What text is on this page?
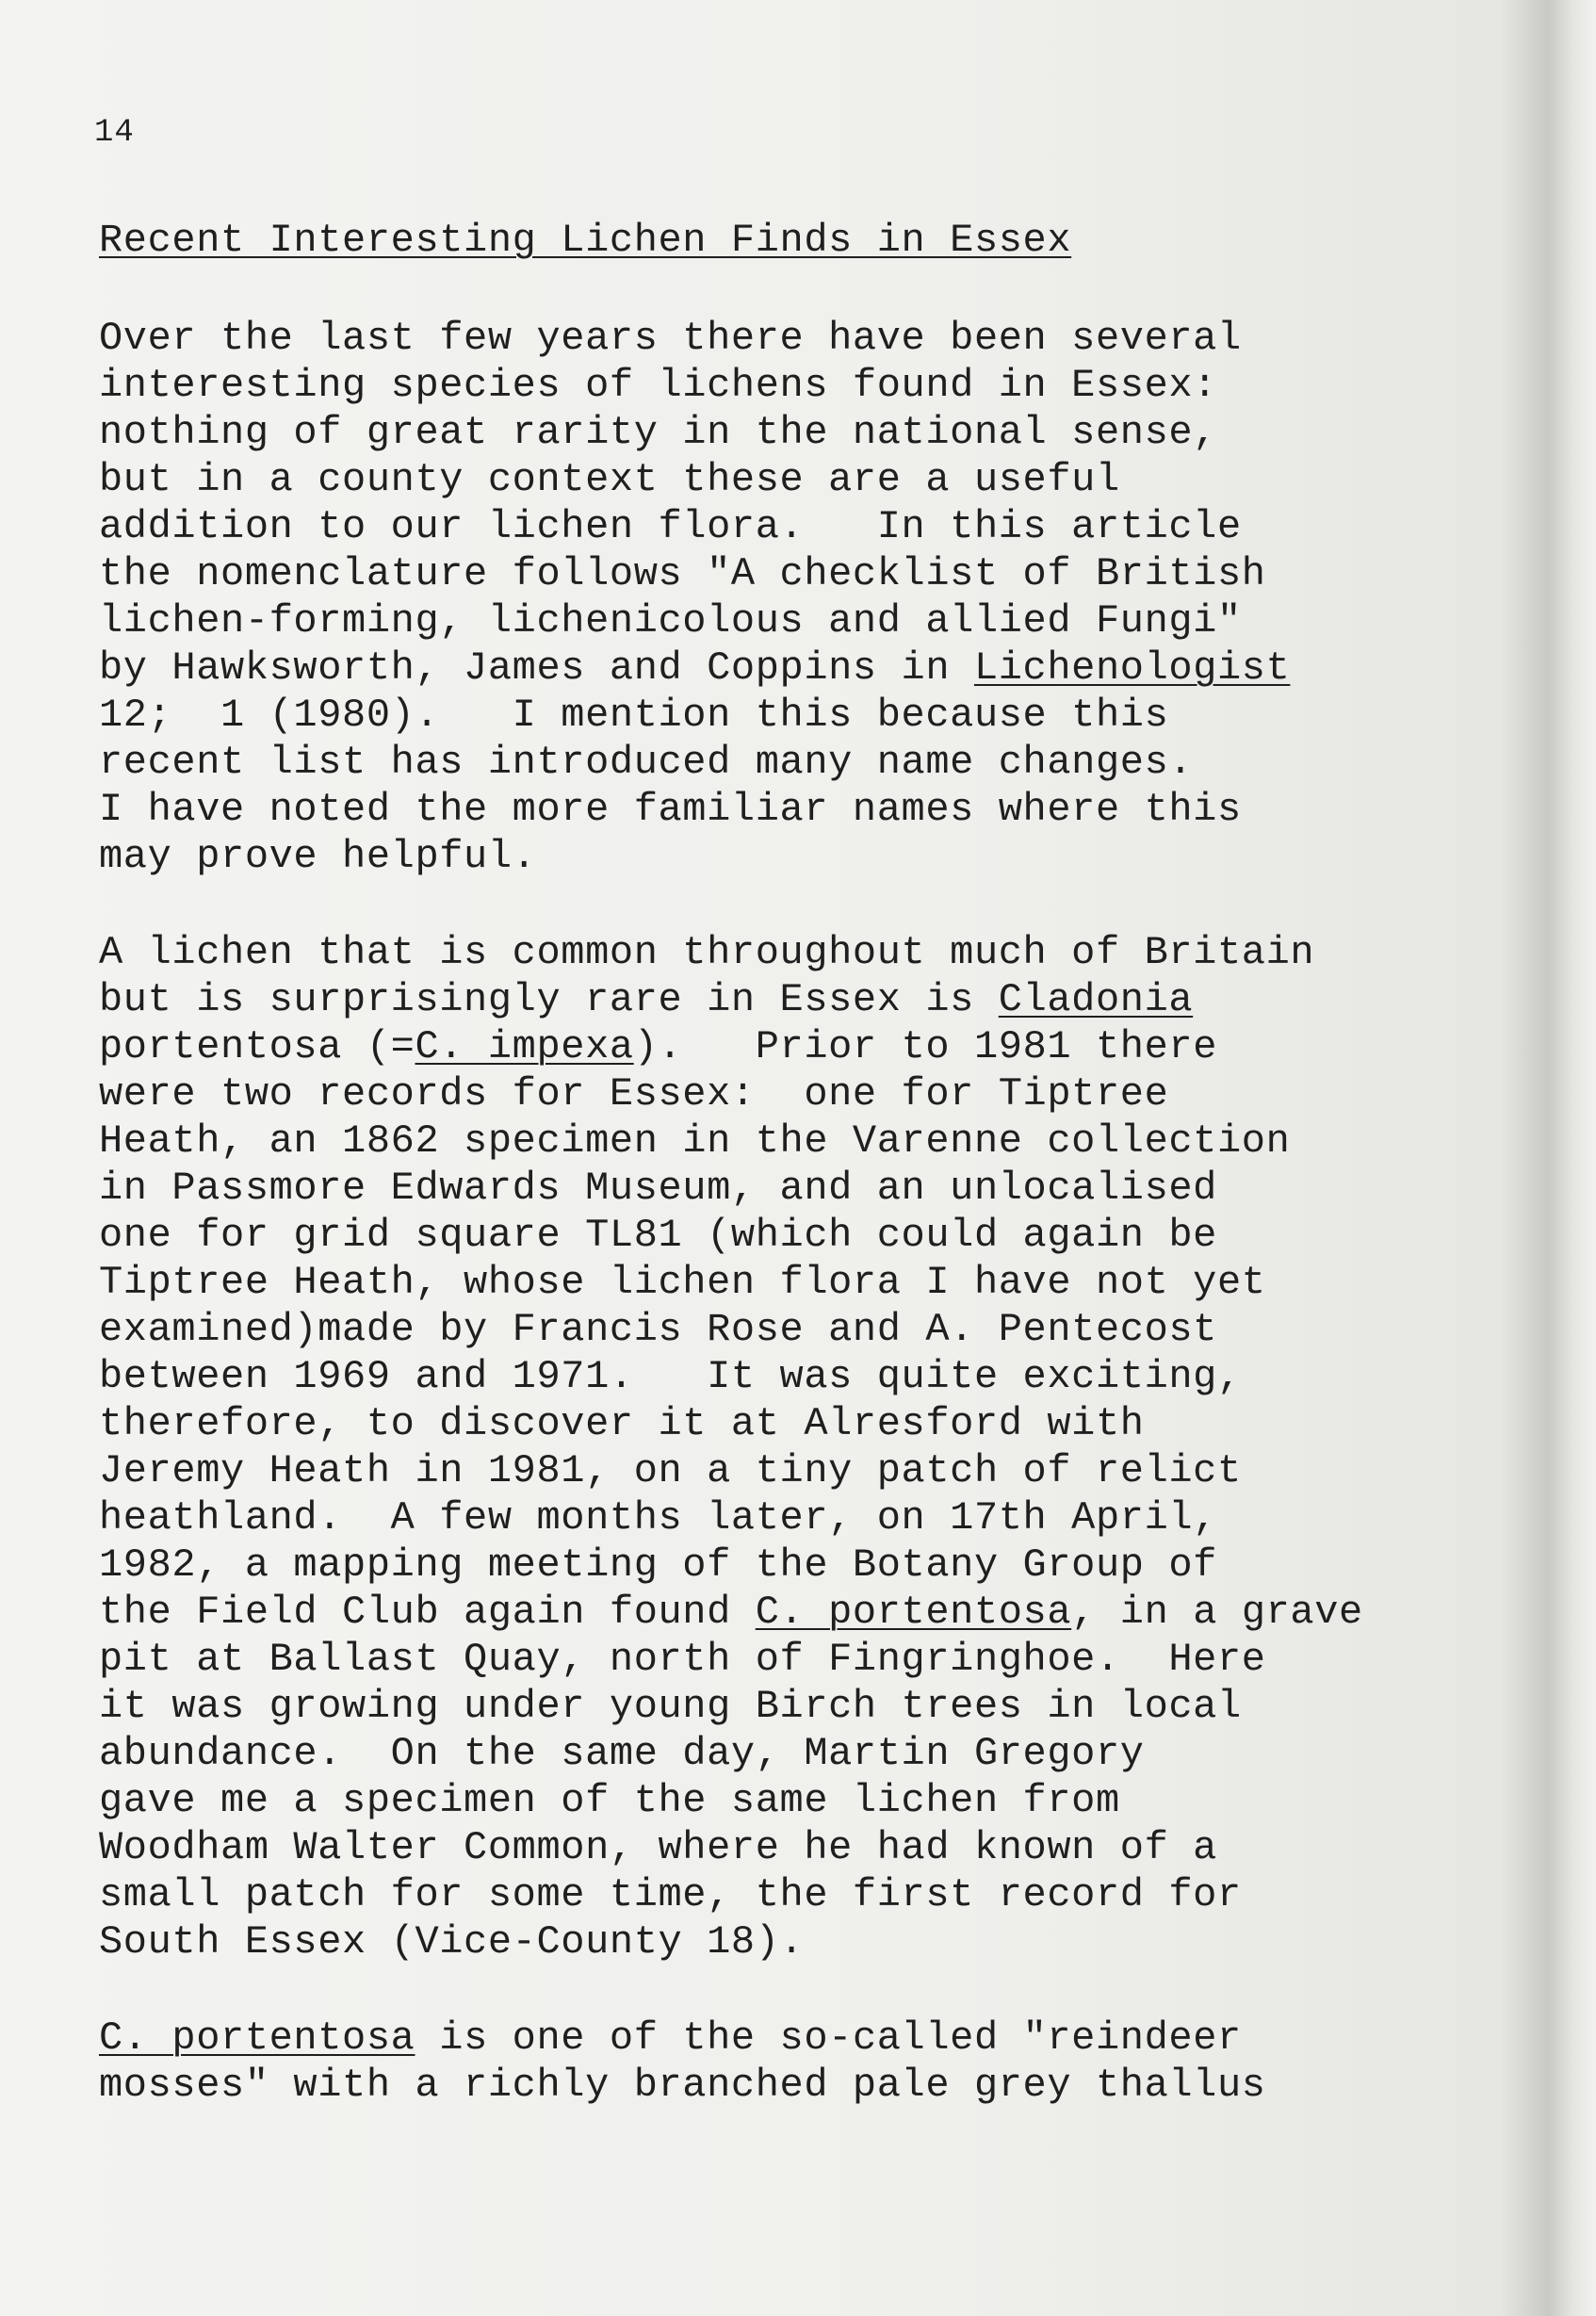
14
Recent Interesting Lichen Finds in Essex
Over the last few years there have been several
interesting species of lichens found in Essex:
nothing of great rarity in the national sense,
but in a county context these are a useful
addition to our lichen flora.   In this article
the nomenclature follows "A checklist of British
lichen-forming, lichenicolous and allied Fungi"
by Hawksworth, James and Coppins in Lichenologist
12;  1 (1980).   I mention this because this
recent list has introduced many name changes.
I have noted the more familiar names where this
may prove helpful.
A lichen that is common throughout much of Britain
but is surprisingly rare in Essex is Cladonia
portentosa (=C. impexa).   Prior to 1981 there
were two records for Essex:  one for Tiptree
Heath, an 1862 specimen in the Varenne collection
in Passmore Edwards Museum, and an unlocalised
one for grid square TL81 (which could again be
Tiptree Heath, whose lichen flora I have not yet
examined)made by Francis Rose and A. Pentecost
between 1969 and 1971.   It was quite exciting,
therefore, to discover it at Alresford with
Jeremy Heath in 1981, on a tiny patch of relict
heathland.  A few months later, on 17th April,
1982, a mapping meeting of the Botany Group of
the Field Club again found C. portentosa, in a grave
pit at Ballast Quay, north of Fingringhoe.  Here
it was growing under young Birch trees in local
abundance.  On the same day, Martin Gregory
gave me a specimen of the same lichen from
Woodham Walter Common, where he had known of a
small patch for some time, the first record for
South Essex (Vice-County 18).
C. portentosa is one of the so-called "reindeer
mosses" with a richly branched pale grey thallus
